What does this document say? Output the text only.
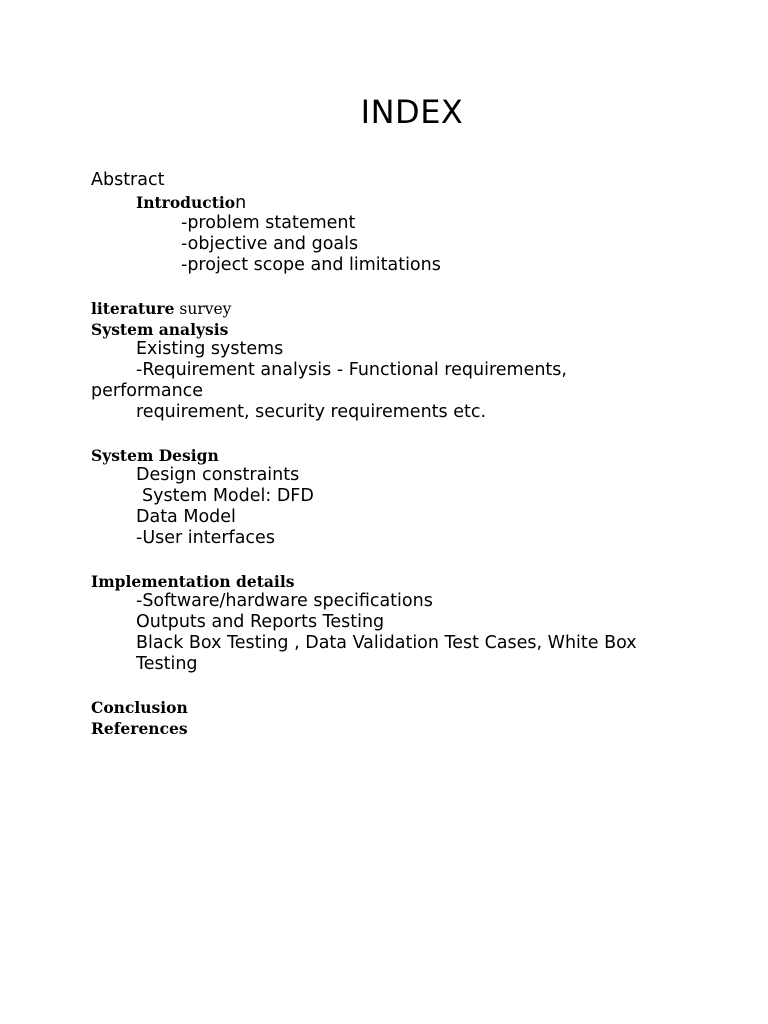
INDEX
Abstract
Introduction
-problem statement
-objective and goals
-project scope and limitations
literature survey
System analysis
Existing systems
-Requirement analysis - Functional requirements,
performance
requirement, security requirements etc.
System Design
Design constraints
System Model: DFD
Data Model
-User interfaces
Implementation details
-Software/hardware specifications
Outputs and Reports Testing
Black Box Testing , Data Validation Test Cases, White Box
Testing
Conclusion
References
